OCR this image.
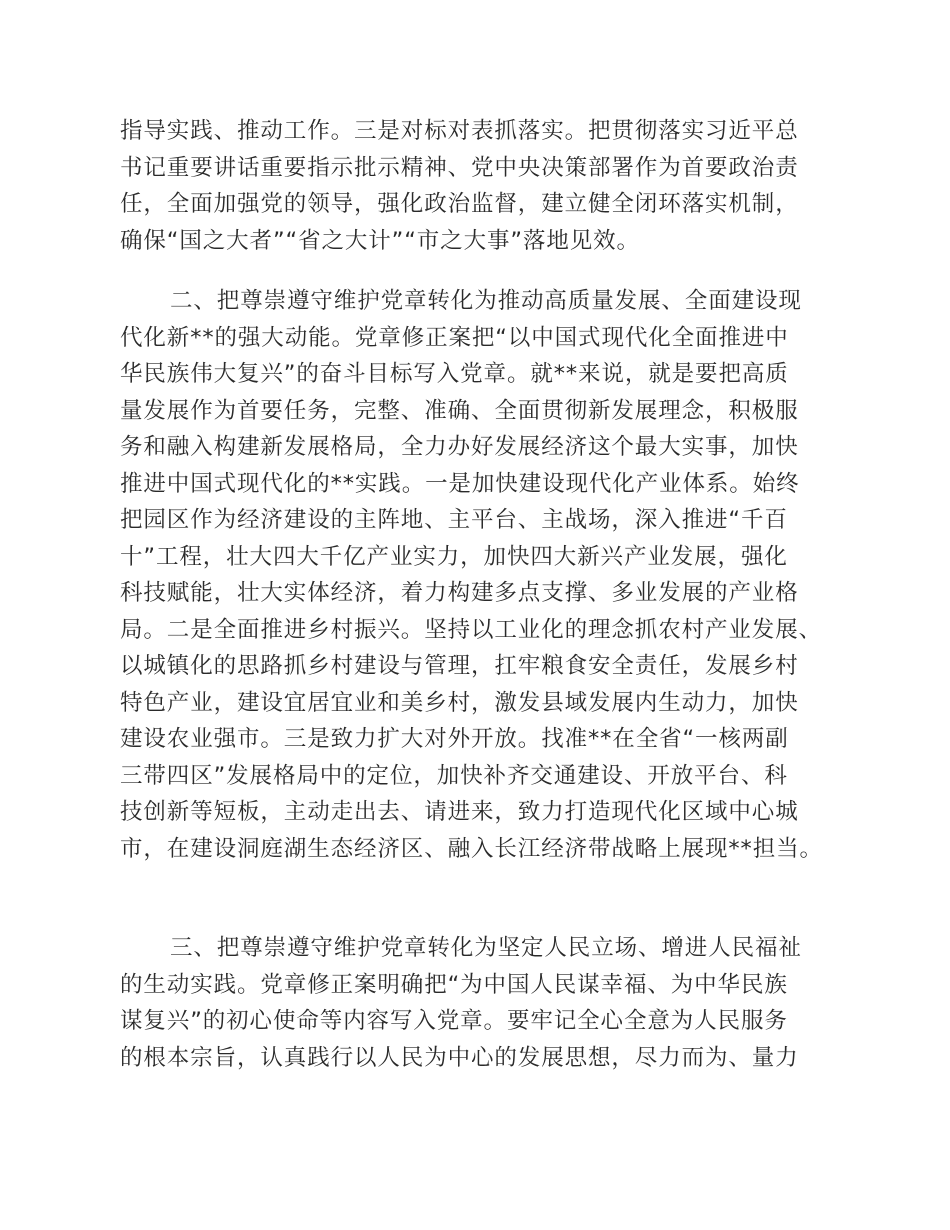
指导实践、推动工作。三是对标对表抓落实。把贯彻落实习近平总
书记重要讲话重要指示批示精神、党中央决策部署作为首要政治责
任，全面加强党的领导，强化政治监督，建立健全闭环落实机制，
确保“国之大者”“省之大计”“市之大事”落地见效。
二、把尊崇遵守维护党章转化为推动高质量发展、全面建设现
代化新**的强大动能。党章修正案把“以中国式现代化全面推进中
华民族伟大复兴”的奋斗目标写入党章。就**来说，就是要把高质
量发展作为首要任务，完整、准确、全面贯彻新发展理念，积极服
务和融入构建新发展格局，全力办好发展经济这个最大实事，加快
推进中国式现代化的**实践。一是加快建设现代化产业体系。始终
把园区作为经济建设的主阵地、主平台、主战场，深入推进“千百
十”工程，壮大四大千亿产业实力，加快四大新兴产业发展，强化
科技赋能，壮大实体经济，着力构建多点支撑、多业发展的产业格
局。二是全面推进乡村振兴。坚持以工业化的理念抓农村产业发展、
以城镇化的思路抓乡村建设与管理，扛牢粮食安全责任，发展乡村
特色产业，建设宜居宜业和美乡村，激发县域发展内生动力，加快
建设农业强市。三是致力扩大对外开放。找准**在全省“一核两副
三带四区”发展格局中的定位，加快补齐交通建设、开放平台、科
技创新等短板，主动走出去、请进来，致力打造现代化区域中心城
市，在建设洞庭湖生态经济区、融入长江经济带战略上展现**担当。
三、把尊崇遵守维护党章转化为坚定人民立场、增进人民福祉
的生动实践。党章修正案明确把“为中国人民谋幸福、为中华民族
谋复兴”的初心使命等内容写入党章。要牢记全心全意为人民服务
的根本宗旨，认真践行以人民为中心的发展思想，尽力而为、量力
